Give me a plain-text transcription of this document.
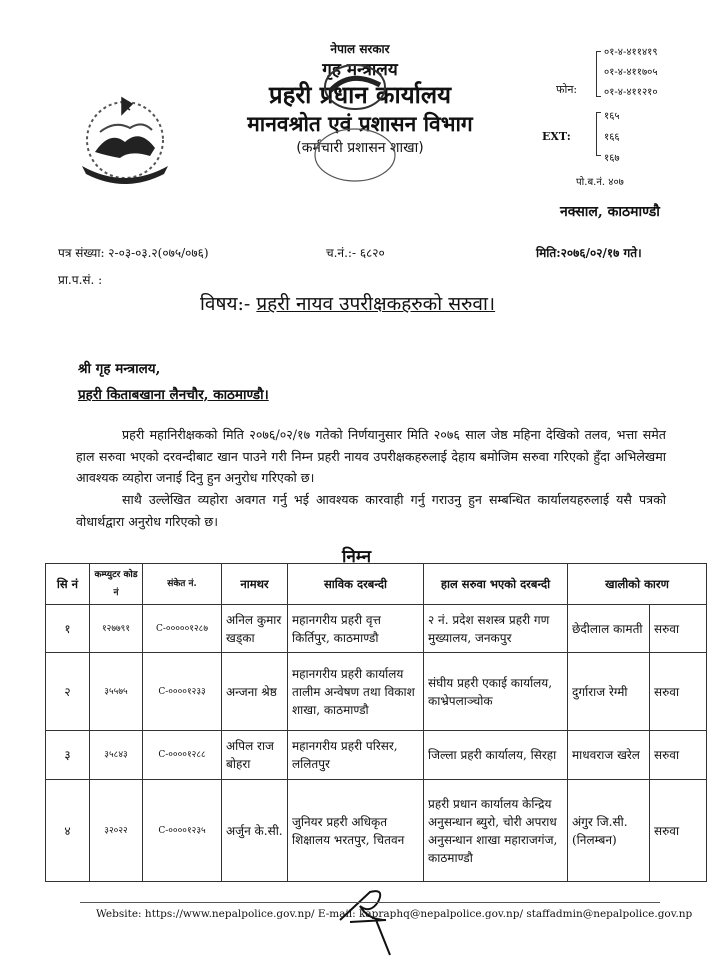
नेपाल सरकार
गृह मन्त्रालय
प्रहरी प्रधान कार्यालय
मानवश्रोत एवं प्रशासन विभाग
(कर्मचारी प्रशासन शाखा)
फोन:
०१-४-४११४१९
०१-४-४११७०५
०१-४-४११२१०
EXT:
१६५
१६६
१६७
पो.ब.नं. ४०७
नक्साल, काठमाण्डौ
पत्र संख्या: २-०३-०३.२(०७५/०७६)	च.नं.:- ६८२०	मिति:२०७६/०२/१७ गते।
प्रा.प.सं. :
विषय:- प्रहरी नायव उपरीक्षकहरुको सरुवा।
श्री गृह मन्त्रालय,
प्रहरी किताबखाना लैनचौर, काठमाण्डौ।
प्रहरी महानिरीक्षकको मिति २०७६/०२/१७ गतेको निर्णयानुसार मिति २०७६ साल जेष्ठ महिना देखिको तलव, भत्ता समेत हाल सरुवा भएको दरवन्दीबाट खान पाउने गरी निम्न प्रहरी नायव उपरीक्षकहरुलाई देहाय बमोजिम सरुवा गरिएको हुँदा अभिलेखमा आवश्यक व्यहोरा जनाई दिनु हुन अनुरोध गरिएको छ।
साथै उल्लेखित व्यहोरा अवगत गर्नु भई आवश्यक कारवाही गर्नु गराउनु हुन सम्बन्धित कार्यालयहरुलाई यसै पत्रको वोधार्थद्वारा अनुरोध गरिएको छ।
निम्न
सि नं	कम्प्युटर कोड नं	संकेत नं.	नामथर	साविक दरबन्दी	हाल सरुवा भएको दरबन्दी	खालीको कारण	
१	१२७७९१	C-०००००१२८७	अनिल कुमार खड्का	महानगरीय प्रहरी वृत्त किर्तिपुर, काठमाण्डौ	२ नं. प्रदेश सशस्त्र प्रहरी गण मुख्यालय, जनकपुर	छेदीलाल कामती	सरुवा
२	३५५७५	C-००००१२३३	अन्जना श्रेष्ठ	महानगरीय प्रहरी कार्यालय तालीम अन्वेषण तथा विकाश शाखा, काठमाण्डौ	संघीय प्रहरी एकाई कार्यालय, काभ्रेपलाञ्चोक	दुर्गाराज रेग्मी	सरुवा
३	३५८४३	C-००००१२८८	अपिल राज बोहरा	महानगरीय प्रहरी परिसर, ललितपुर	जिल्ला प्रहरी कार्यालय, सिरहा	माधवराज खरेल	सरुवा
४	३२०२२	C-००००१२३५	अर्जुन के.सी.	जुनियर प्रहरी अधिकृत शिक्षालय भरतपुर, चितवन	प्रहरी प्रधान कार्यालय केन्द्रिय अनुसन्धान ब्युरो, चोरी अपराध अनुसन्धान शाखा महाराजगंज, काठमाण्डौ	अंगुर जि.सी. (निलम्बन)	सरुवा
Website: https://www.nepalpolice.gov.np/ E-mail: kapraphq@nepalpolice.gov.np/ staffadmin@nepalpolice.gov.np
